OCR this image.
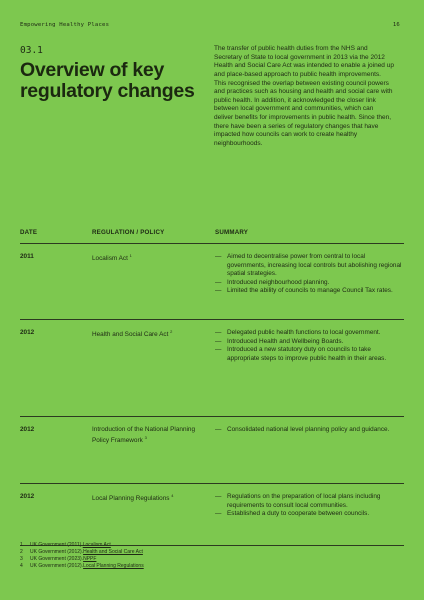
Empowering Healthy Places	16
03.1
Overview of key regulatory changes

The transfer of public health duties from the NHS and Secretary of State to local government in 2013 via the 2012 Health and Social Care Act was intended to enable a joined up and place-based approach to public health improvements. This recognised the overlap between existing council powers and practices such as housing and health and social care with public health. In addition, it acknowledged the closer link between local government and communities, which can deliver benefits for improvements in public health. Since then, there have been a series of regulatory changes that have impacted how councils can work to create healthy neighbourhoods.

DATE	REGULATION / POLICY	SUMMARY
2011	Localism Act $^1$	— Aimed to decentralise power from central to local governments, increasing local controls but abolishing regional spatial strategies.
— Introduced neighbourhood planning.
— Limited the ability of councils to manage Council Tax rates.
2012	Health and Social Care Act $^2$	— Delegated public health functions to local government.
— Introduced Health and Wellbeing Boards.
— Introduced a new statutory duty on councils to take appropriate steps to improve public health in their areas.
2012	Introduction of the National Planning Policy Framework $^3$
— Consolidated national level planning policy and guidance.
2012	Local Planning Regulations $^4$	— Regulations on the preparation of local plans including requirements to consult local communities.
— Established a duty to cooperate between councils.
1	UK Government (2011). Localism Act
2	UK Government (2012). Health and Social Care Act
3	UK Government (2023). NPPF
4	UK Government (2012). Local Planning Regulations
